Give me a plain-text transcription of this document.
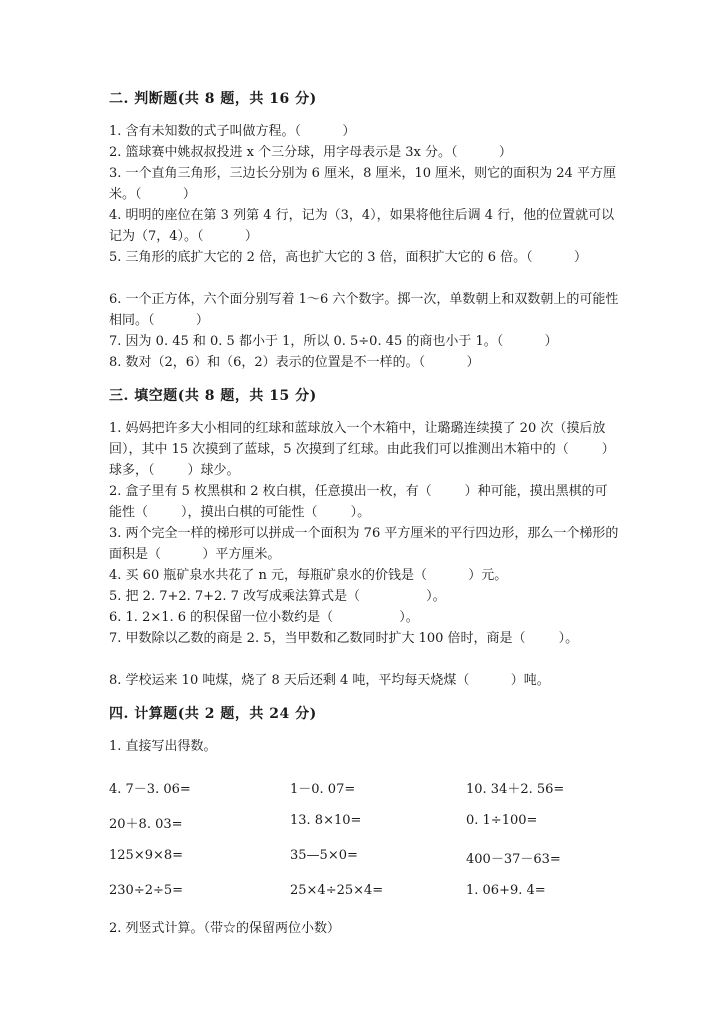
二. 判断题(共 8 题，共 16 分)
1. 含有未知数的式子叫做方程。（          ）
2. 篮球赛中姚叔叔投进 x 个三分球，用字母表示是 3x 分。（          ）
3. 一个直角三角形，三边长分别为 6 厘米，8 厘米，10 厘米，则它的面积为 24 平方厘米。（          ）
4. 明明的座位在第 3 列第 4 行，记为（3，4），如果将他往后调 4 行，他的位置就可以记为（7，4）。（          ）
5. 三角形的底扩大它的 2 倍，高也扩大它的 3 倍，面积扩大它的 6 倍。（          ）
6. 一个正方体，六个面分别写着 1～6 六个数字。掷一次，单数朝上和双数朝上的可能性相同。（          ）
7. 因为 0. 45 和 0. 5 都小于 1，所以 0. 5÷0. 45 的商也小于 1。（          ）
8. 数对（2，6）和（6，2）表示的位置是不一样的。（          ）
三. 填空题(共 8 题，共 15 分)
1. 妈妈把许多大小相同的红球和蓝球放入一个木箱中，让璐璐连续摸了 20 次（摸后放回），其中 15 次摸到了蓝球，5 次摸到了红球。由此我们可以推测出木箱中的（        ）球多，（        ）球少。
2. 盒子里有 5 枚黑棋和 2 枚白棋，任意摸出一枚，有（        ）种可能，摸出黑棋的可能性（        ），摸出白棋的可能性（        ）。
3. 两个完全一样的梯形可以拼成一个面积为 76 平方厘米的平行四边形，那么一个梯形的面积是（          ）平方厘米。
4. 买 60 瓶矿泉水共花了 n 元，每瓶矿泉水的价钱是（          ）元。
5. 把 2. 7+2. 7+2. 7 改写成乘法算式是（                ）。
6. 1. 2×1. 6 的积保留一位小数约是（                ）。
7. 甲数除以乙数的商是 2. 5，当甲数和乙数同时扩大 100 倍时，商是（        ）。
8. 学校运来 10 吨煤，烧了 8 天后还剩 4 吨，平均每天烧煤（          ）吨。
四. 计算题(共 2 题，共 24 分)
1. 直接写出得数。
4. 7－3. 06=	1－0. 07=	10. 34＋2. 56=
20＋8. 03=	13. 8×10=	0. 1÷100=
125×9×8=	35—5×0=	400－37－63=
230÷2÷5=	25×4÷25×4=	1. 06+9. 4=
2. 列竖式计算。（带☆的保留两位小数）
